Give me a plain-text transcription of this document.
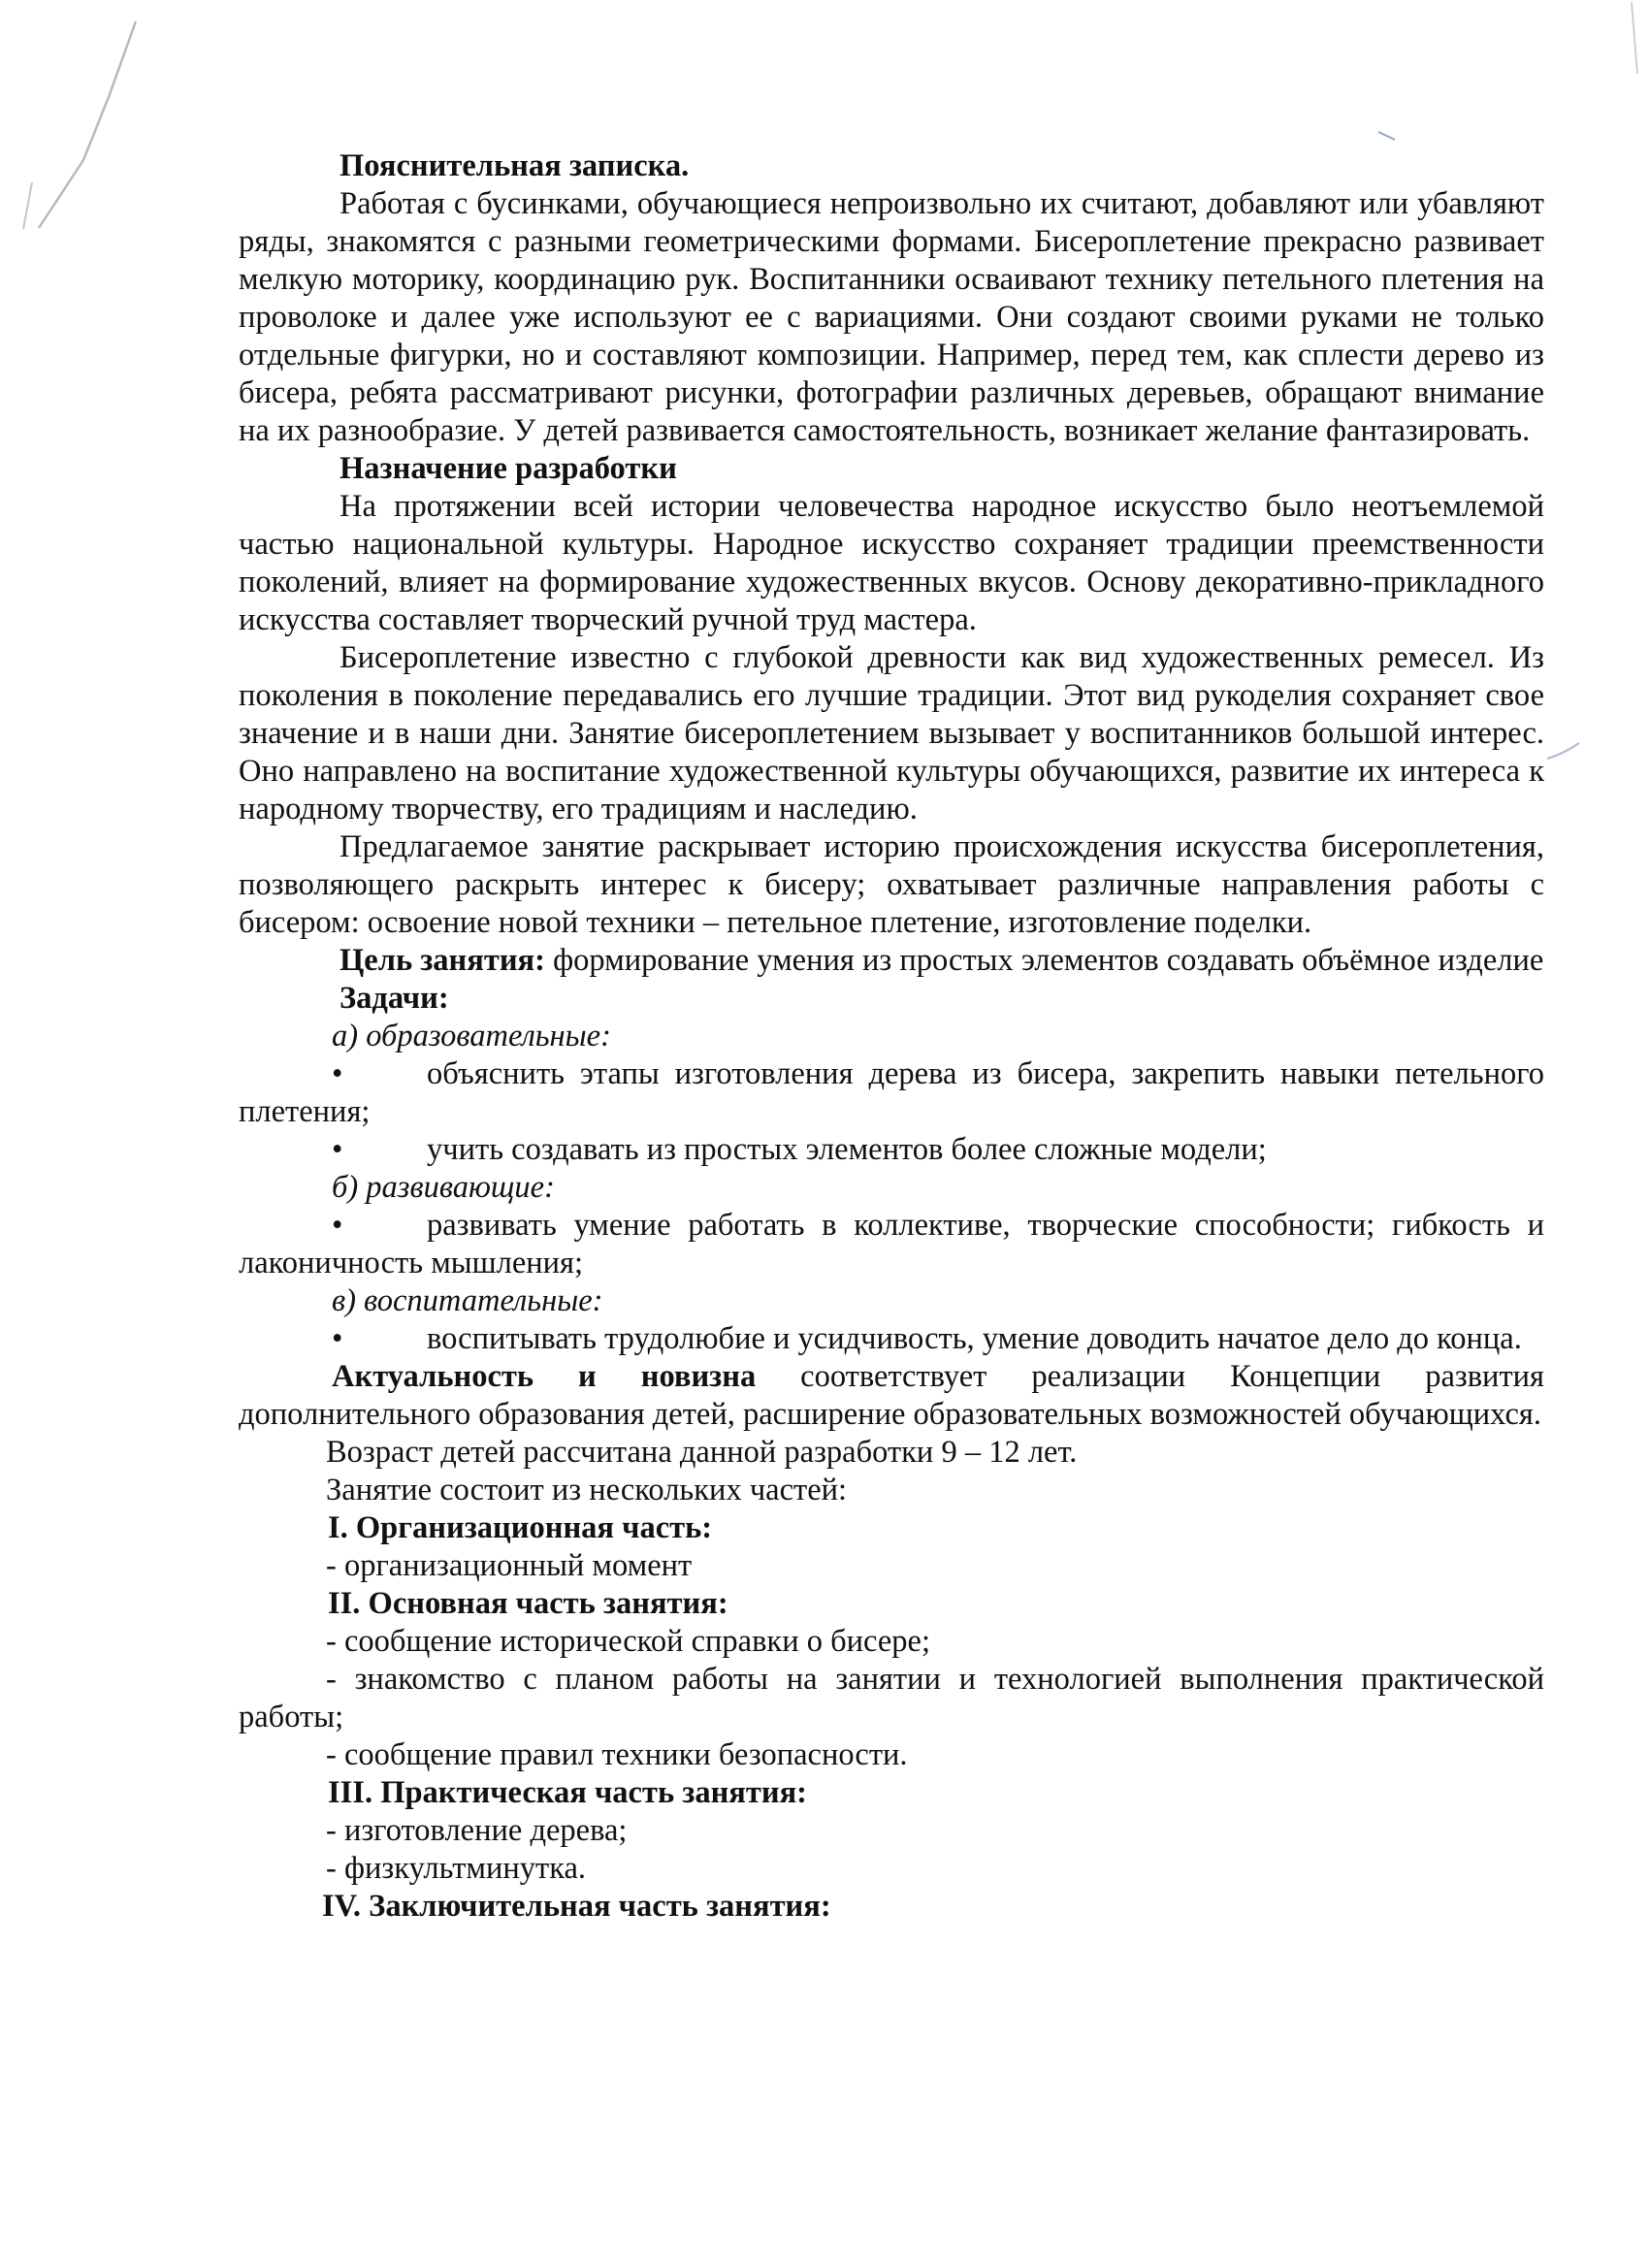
Пояснительная записка.

Работая с бусинками, обучающиеся непроизвольно их считают, добавляют или убавляют ряды, знакомятся с разными геометрическими формами. Бисероплетение прекрасно развивает мелкую моторику, координацию рук. Воспитанники осваивают технику петельного плетения на проволоке и далее уже используют ее с вариациями. Они создают своими руками не только отдельные фигурки, но и составляют композиции. Например, перед тем, как сплести дерево из бисера, ребята рассматривают рисунки, фотографии различных деревьев, обращают внимание на их разнообразие. У детей развивается самостоятельность, возникает желание фантазировать.

Назначение разработки

На протяжении всей истории человечества народное искусство было неотъемлемой частью национальной культуры. Народное искусство сохраняет традиции преемственности поколений, влияет на формирование художественных вкусов. Основу декоративно-прикладного искусства составляет творческий ручной труд мастера.

Бисероплетение известно с глубокой древности как вид художественных ремесел. Из поколения в поколение передавались его лучшие традиции. Этот вид рукоделия сохраняет свое значение и в наши дни. Занятие бисероплетением вызывает у воспитанников большой интерес. Оно направлено на воспитание художественной культуры обучающихся, развитие их интереса к народному творчеству, его традициям и наследию.

Предлагаемое занятие раскрывает историю происхождения искусства бисероплетения, позволяющего раскрыть интерес к бисеру; охватывает различные направления работы с бисером: освоение новой техники – петельное плетение, изготовление поделки.

Цель занятия: формирование умения из простых элементов создавать объёмное изделие

Задачи:

а) образовательные:

•	объяснить этапы изготовления дерева из бисера, закрепить навыки петельного плетения;

•	учить создавать из простых элементов более сложные модели;

б) развивающие:

•	развивать умение работать в коллективе, творческие способности; гибкость и лаконичность мышления;

в) воспитательные:

•	воспитывать трудолюбие и усидчивость, умение доводить начатое дело до конца.

Актуальность и новизна соответствует реализации Концепции развития дополнительного образования детей, расширение образовательных возможностей обучающихся.

Возраст детей рассчитана данной разработки 9 – 12 лет.

Занятие состоит из нескольких частей:

I. Организационная часть:

- организационный момент

II. Основная часть занятия:

- сообщение исторической справки о бисере;

- знакомство с планом работы на занятии и технологией выполнения практической работы;

- сообщение правил техники безопасности.

III. Практическая часть занятия:

- изготовление дерева;

- физкультминутка.

IV. Заключительная часть занятия:
